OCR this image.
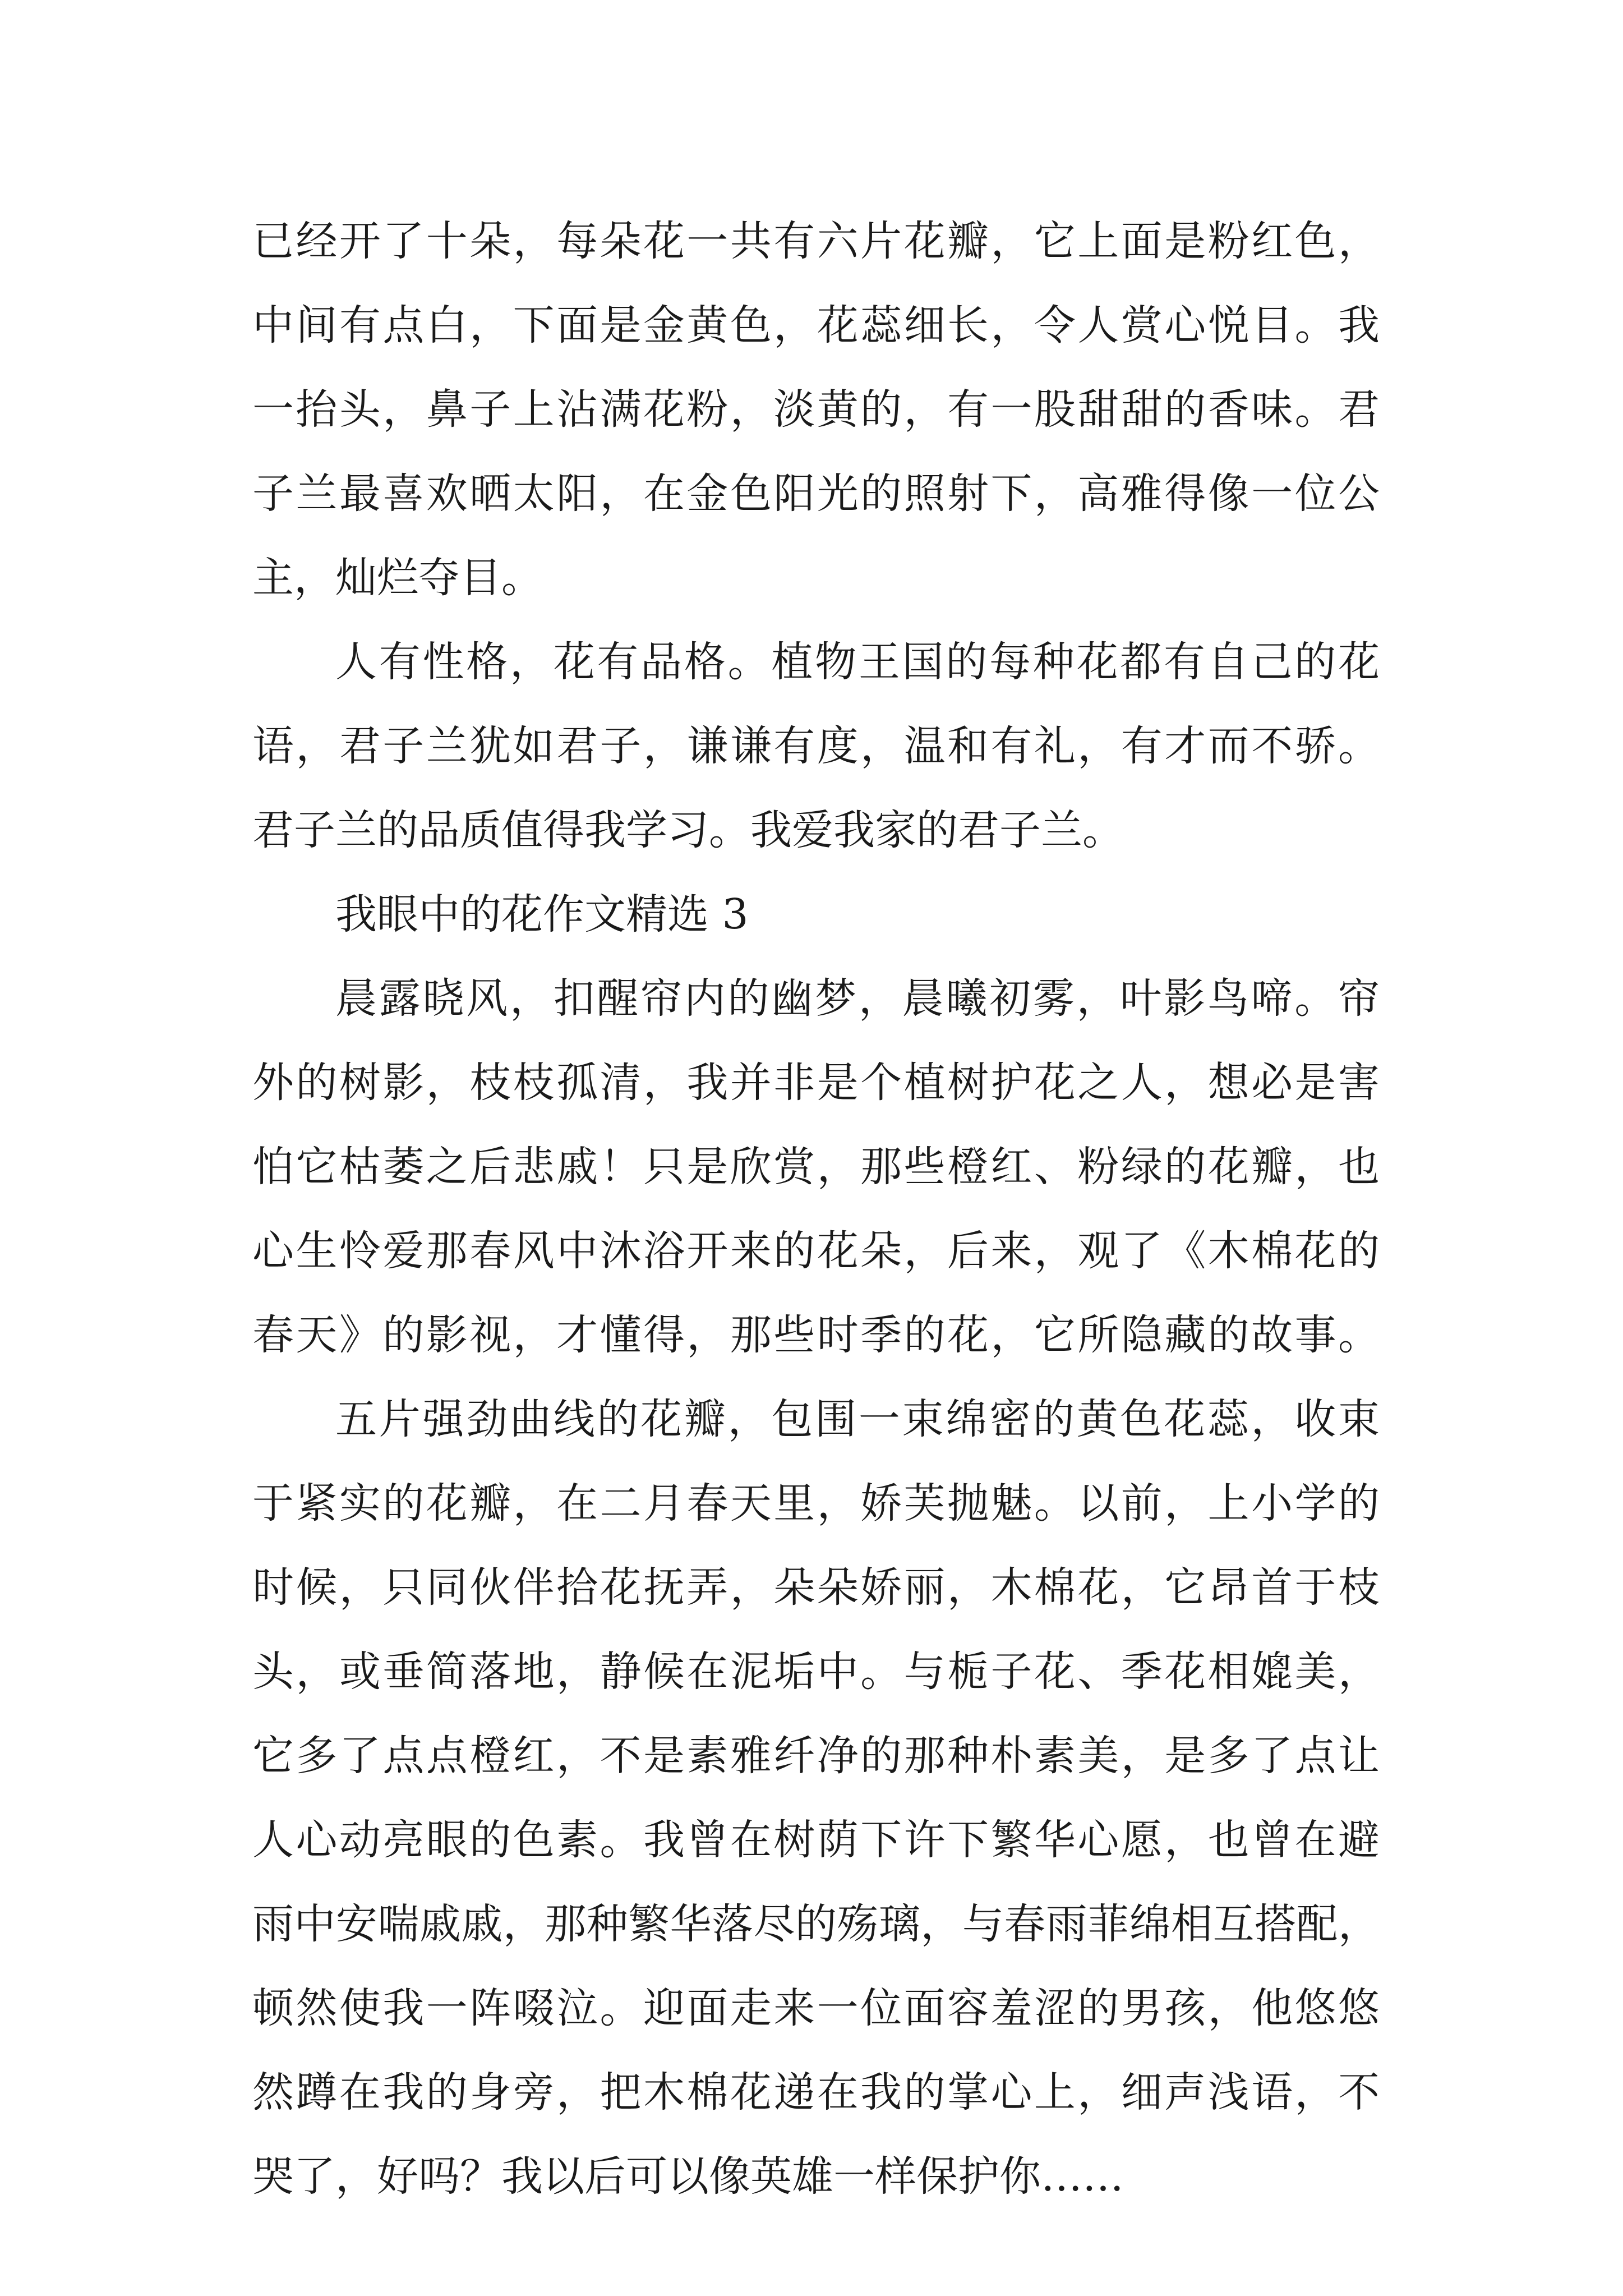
已经开了十朵，每朵花一共有六片花瓣，它上面是粉红色，
中间有点白，下面是金黄色，花蕊细长，令人赏心悦目。我
一抬头，鼻子上沾满花粉，淡黄的，有一股甜甜的香味。君
子兰最喜欢晒太阳，在金色阳光的照射下，高雅得像一位公
主，灿烂夺目。
人有性格，花有品格。植物王国的每种花都有自己的花
语，君子兰犹如君子，谦谦有度，温和有礼，有才而不骄。
君子兰的品质值得我学习。我爱我家的君子兰。
我眼中的花作文精选 3
晨露晓风，扣醒帘内的幽梦，晨曦初雾，叶影鸟啼。帘
外的树影，枝枝孤清，我并非是个植树护花之人，想必是害
怕它枯萎之后悲戚！只是欣赏，那些橙红、粉绿的花瓣，也
心生怜爱那春风中沐浴开来的花朵，后来，观了《木棉花的
春天》的影视，才懂得，那些时季的花，它所隐藏的故事。
五片强劲曲线的花瓣，包围一束绵密的黄色花蕊，收束
于紧实的花瓣，在二月春天里，娇芙抛魅。以前，上小学的
时候，只同伙伴拾花抚弄，朵朵娇丽，木棉花，它昂首于枝
头，或垂简落地，静候在泥垢中。与栀子花、季花相媲美，
它多了点点橙红，不是素雅纤净的那种朴素美，是多了点让
人心动亮眼的色素。我曾在树荫下许下繁华心愿，也曾在避
雨中安喘戚戚，那种繁华落尽的殇璃，与春雨菲绵相互搭配，
顿然使我一阵啜泣。迎面走来一位面容羞涩的男孩，他悠悠
然蹲在我的身旁，把木棉花递在我的掌心上，细声浅语，不
哭了，好吗？我以后可以像英雄一样保护你……
